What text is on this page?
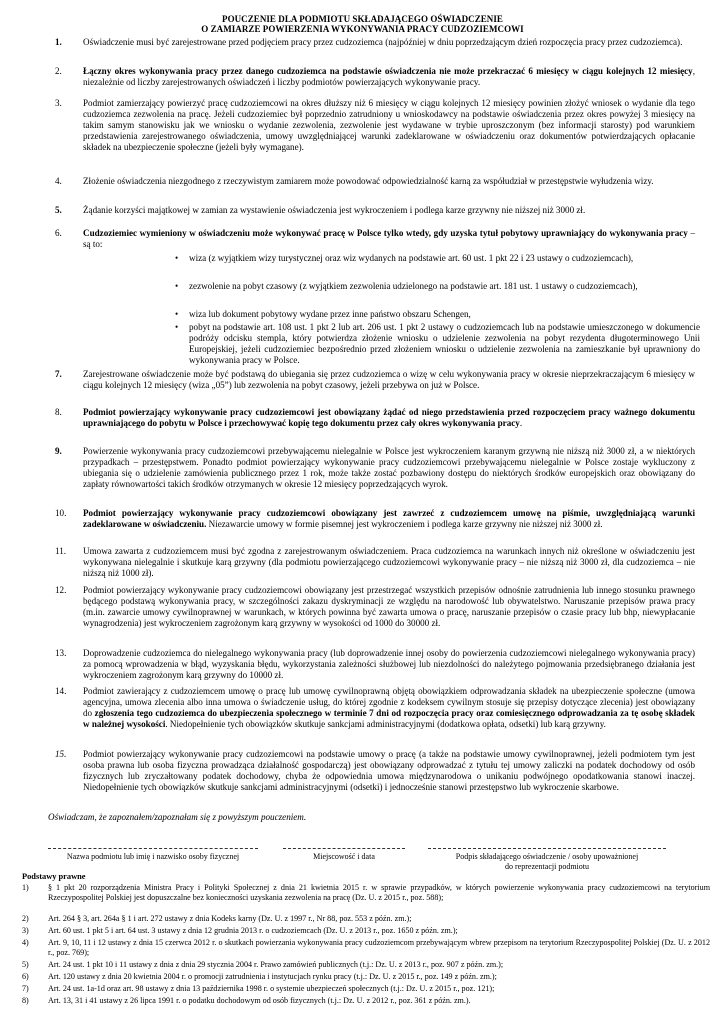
POUCZENIE DLA PODMIOTU SKŁADAJĄCEGO OŚWIADCZENIE
O ZAMIARZE POWIERZENIA WYKONYWANIA PRACY CUDZOZIEMCOWI
1.	Oświadczenie musi być zarejestrowane przed podjęciem pracy przez cudzoziemca (najpóźniej w dniu poprzedzającym dzień rozpoczęcia pracy przez cudzoziemca).
2.	Łączny okres wykonywania pracy przez danego cudzoziemca na podstawie oświadczenia nie może przekraczać 6 miesięcy w ciągu kolejnych 12 miesięcy, niezależnie od liczby zarejestrowanych oświadczeń i liczby podmiotów powierzających wykonywanie pracy.
3.	Podmiot zamierzający powierzyć pracę cudzoziemcowi na okres dłuższy niż 6 miesięcy w ciągu kolejnych 12 miesięcy powinien złożyć wniosek o wydanie dla tego cudzoziemca zezwolenia na pracę. Jeżeli cudzoziemiec był poprzednio zatrudniony u wnioskodawcy na podstawie oświadczenia przez okres powyżej 3 miesięcy na takim samym stanowisku jak we wniosku o wydanie zezwolenia, zezwolenie jest wydawane w trybie uproszczonym (bez informacji starosty) pod warunkiem przedstawienia zarejestrowanego oświadczenia, umowy uwzględniającej warunki zadeklarowane w oświadczeniu oraz dokumentów potwierdzających opłacanie składek na ubezpieczenie społeczne (jeżeli były wymagane).
4.	Złożenie oświadczenia niezgodnego z rzeczywistym zamiarem może powodować odpowiedzialność karną za współudział w przestępstwie wyłudzenia wizy.
5.	Żądanie korzyści majątkowej w zamian za wystawienie oświadczenia jest wykroczeniem i podlega karze grzywny nie niższej niż 3000 zł.
6.	Cudzoziemiec wymieniony w oświadczeniu może wykonywać pracę w Polsce tylko wtedy, gdy uzyska tytuł pobytowy uprawniający do wykonywania pracy – są to:
•	wiza (z wyjątkiem wizy turystycznej oraz wiz wydanych na podstawie art. 60 ust. 1 pkt 22 i 23 ustawy o cudzoziemcach),
•	zezwolenie na pobyt czasowy (z wyjątkiem zezwolenia udzielonego na podstawie art. 181 ust. 1 ustawy o cudzoziemcach),
•	wiza lub dokument pobytowy wydane przez inne państwo obszaru Schengen,
•	pobyt na podstawie art. 108 ust. 1 pkt 2 lub art. 206 ust. 1 pkt 2 ustawy o cudzoziemcach lub na podstawie umieszczonego w dokumencie podróży odcisku stempla, który potwierdza złożenie wniosku o udzielenie zezwolenia na pobyt rezydenta długoterminowego Unii Europejskiej, jeżeli cudzoziemiec bezpośrednio przed złożeniem wniosku o udzielenie zezwolenia na zamieszkanie był uprawniony do wykonywania pracy w Polsce.
7.	Zarejestrowane oświadczenie może być podstawą do ubiegania się przez cudzoziemca o wizę w celu wykonywania pracy w okresie nieprzekraczającym 6 miesięcy w ciągu kolejnych 12 miesięcy (wiza „05”) lub zezwolenia na pobyt czasowy, jeżeli przebywa on już w Polsce.
8.	Podmiot powierzający wykonywanie pracy cudzoziemcowi jest obowiązany żądać od niego przedstawienia przed rozpoczęciem pracy ważnego dokumentu uprawniającego do pobytu w Polsce i przechowywać kopię tego dokumentu przez cały okres wykonywania pracy.
9.	Powierzenie wykonywania pracy cudzoziemcowi przebywającemu nielegalnie w Polsce jest wykroczeniem karanym grzywną nie niższą niż 3000 zł, a w niektórych przypadkach – przestępstwem. Ponadto podmiot powierzający wykonywanie pracy cudzoziemcowi przebywającemu nielegalnie w Polsce zostaje wykluczony z ubiegania się o udzielenie zamówienia publicznego przez 1 rok, może także zostać pozbawiony dostępu do niektórych środków europejskich oraz obowiązany do zapłaty równowartości takich środków otrzymanych w okresie 12 miesięcy poprzedzających wyrok.
10.	Podmiot powierzający wykonywanie pracy cudzoziemcowi obowiązany jest zawrzeć z cudzoziemcem umowę na piśmie, uwzględniającą warunki zadeklarowane w oświadczeniu. Niezawarcie umowy w formie pisemnej jest wykroczeniem i podlega karze grzywny nie niższej niż 3000 zł.
11.	Umowa zawarta z cudzoziemcem musi być zgodna z zarejestrowanym oświadczeniem. Praca cudzoziemca na warunkach innych niż określone w oświadczeniu jest wykonywana nielegalnie i skutkuje karą grzywny (dla podmiotu powierzającego cudzoziemcowi wykonywanie pracy – nie niższą niż 3000 zł, dla cudzoziemca – nie niższą niż 1000 zł).
12.	Podmiot powierzający wykonywanie pracy cudzoziemcowi obowiązany jest przestrzegać wszystkich przepisów odnośnie zatrudnienia lub innego stosunku prawnego będącego podstawą wykonywania pracy, w szczególności zakazu dyskryminacji ze względu na narodowość lub obywatelstwo. Naruszanie przepisów prawa pracy (m.in. zawarcie umowy cywilnoprawnej w warunkach, w których powinna być zawarta umowa o pracę, naruszanie przepisów o czasie pracy lub bhp, niewypłacanie wynagrodzenia) jest wykroczeniem zagrożonym karą grzywny w wysokości od 1000 do 30000 zł.
13.	Doprowadzenie cudzoziemca do nielegalnego wykonywania pracy (lub doprowadzenie innej osoby do powierzenia cudzoziemcowi nielegalnego wykonywania pracy) za pomocą wprowadzenia w błąd, wyzyskania błędu, wykorzystania zależności służbowej lub niezdolności do należytego pojmowania przedsiębranego działania jest wykroczeniem zagrożonym karą grzywny do 10000 zł.
14.	Podmiot zawierający z cudzoziemcem umowę o pracę lub umowę cywilnoprawną objętą obowiązkiem odprowadzania składek na ubezpieczenie społeczne (umowa agencyjna, umowa zlecenia albo inna umowa o świadczenie usług, do której zgodnie z kodeksem cywilnym stosuje się przepisy dotyczące zlecenia) jest obowiązany do zgłoszenia tego cudzoziemca do ubezpieczenia społecznego w terminie 7 dni od rozpoczęcia pracy oraz comiesięcznego odprowadzania za tę osobę składek w należnej wysokości. Niedopełnienie tych obowiązków skutkuje sankcjami administracyjnymi (dodatkowa opłata, odsetki) lub karą grzywny.
15.	Podmiot powierzający wykonywanie pracy cudzoziemcowi na podstawie umowy o pracę (a także na podstawie umowy cywilnoprawnej, jeżeli podmiotem tym jest osoba prawna lub osoba fizyczna prowadząca działalność gospodarczą) jest obowiązany odprowadzać z tytułu tej umowy zaliczki na podatek dochodowy od osób fizycznych lub zryczałtowany podatek dochodowy, chyba że odpowiednia umowa międzynarodowa o unikaniu podwójnego opodatkowania stanowi inaczej. Niedopełnienie tych obowiązków skutkuje sankcjami administracyjnymi (odsetki) i jednocześnie stanowi przestępstwo lub wykroczenie skarbowe.
Oświadczam, że zapoznałem/zapoznałam się z powyższym pouczeniem.
Nazwa podmiotu lub imię i nazwisko osoby fizycznej	Miejscowość i data	Podpis składającego oświadczenie / osoby upoważnionej
do reprezentacji podmiotu
Podstawy prawne
1)	§ 1 pkt 20 rozporządzenia Ministra Pracy i Polityki Społecznej z dnia 21 kwietnia 2015 r. w sprawie przypadków, w których powierzenie wykonywania pracy cudzoziemcowi na terytorium Rzeczypospolitej Polskiej jest dopuszczalne bez konieczności uzyskania zezwolenia na pracę (Dz. U. z 2015 r., poz. 588);
2)	Art. 264 § 3, art. 264a § 1 i art. 272 ustawy z dnia Kodeks karny (Dz. U. z 1997 r., Nr 88, poz. 553 z późn. zm.);
3)	Art. 60 ust. 1 pkt 5 i art. 64 ust. 3 ustawy z dnia 12 grudnia 2013 r. o cudzoziemcach (Dz. U. z 2013 r., poz. 1650 z późn. zm.);
4)	Art. 9, 10, 11 i 12 ustawy z dnia 15 czerwca 2012 r. o skutkach powierzania wykonywania pracy cudzoziemcom przebywającym wbrew przepisom na terytorium Rzeczypospolitej Polskiej (Dz. U. z 2012 r., poz. 769);
5)	Art. 24 ust. 1 pkt 10 i 11 ustawy z dnia z dnia 29 stycznia 2004 r. Prawo zamówień publicznych (t.j.: Dz. U. z 2013 r., poz. 907 z późn. zm.);
6)	Art. 120 ustawy z dnia 20 kwietnia 2004 r. o promocji zatrudnienia i instytucjach rynku pracy (t.j.: Dz. U. z 2015 r., poz. 149 z późn. zm.);
7)	Art. 24 ust. 1a-1d oraz art. 98 ustawy z dnia 13 października 1998 r. o systemie ubezpieczeń społecznych (t.j.: Dz. U. z 2015 r., poz. 121);
8)	Art. 13, 31 i 41 ustawy z 26 lipca 1991 r. o podatku dochodowym od osób fizycznych (t.j.: Dz. U. z 2012 r., poz. 361 z późn. zm.).
